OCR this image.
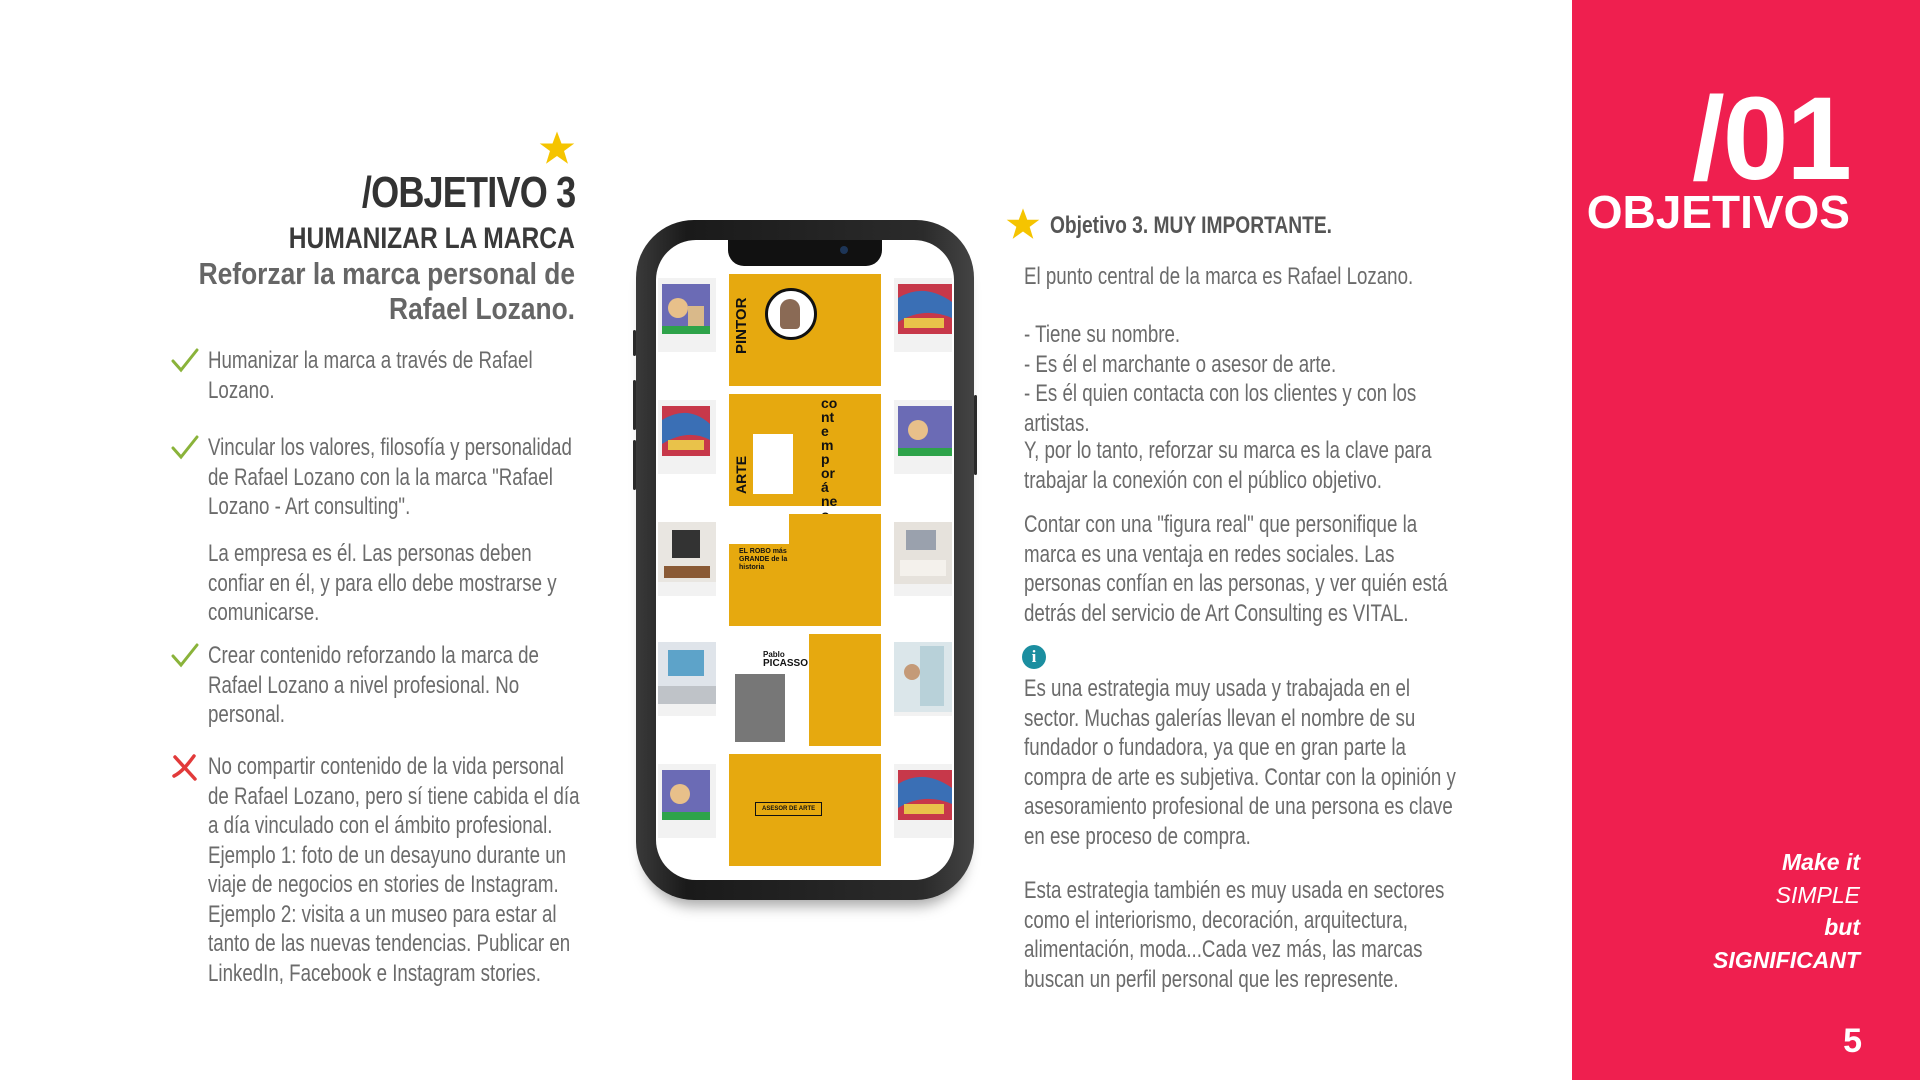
/OBJETIVO 3
HUMANIZAR LA MARCA
Reforzar la marca personal de
Rafael Lozano.
Humanizar la marca a través de Rafael Lozano.
Vincular los valores, filosofía y personalidad de Rafael Lozano con la la marca "Rafael Lozano - Art consulting".
La empresa es él. Las personas deben confiar en él, y para ello debe mostrarse y comunicarse.
Crear contenido reforzando la marca de Rafael Lozano a nivel profesional. No personal.
No compartir contenido de la vida personal de Rafael Lozano, pero sí tiene cabida el día a día vinculado con el ámbito profesional. Ejemplo 1: foto de un desayuno durante un viaje de negocios en stories de Instagram. Ejemplo 2: visita a un museo para estar al tanto de las nuevas tendencias. Publicar en LinkedIn, Facebook e Instagram stories.
PINTOR
ARTE
cont emp orá ne
EL ROBO más GRANDE de la historia
Pablo
PICASSO
ASESOR DE ARTE
Objetivo 3. MUY IMPORTANTE.
El punto central de la marca es Rafael Lozano.
- Tiene su nombre.
- Es él el marchante o asesor de arte.
- Es él quien contacta con los clientes y con los artistas.
Y, por lo tanto, reforzar su marca es la clave para trabajar la conexión con el público objetivo.
Contar con una "figura real" que personifique la marca es una ventaja en redes sociales. Las personas confían en las personas, y ver quién está detrás del servicio de Art Consulting es VITAL.
i
Es una estrategia muy usada y trabajada en el sector. Muchas galerías llevan el nombre de su fundador o fundadora, ya que en gran parte la compra de arte es subjetiva. Contar con la opinión y asesoramiento profesional de una persona es clave en ese proceso de compra.
Esta estrategia también es muy usada en sectores como el interiorismo, decoración, arquitectura, alimentación, moda...Cada vez más, las marcas buscan un perfil personal que les represente.
/01
OBJETIVOS
Make it
SIMPLE
but
SIGNIFICANT
5
